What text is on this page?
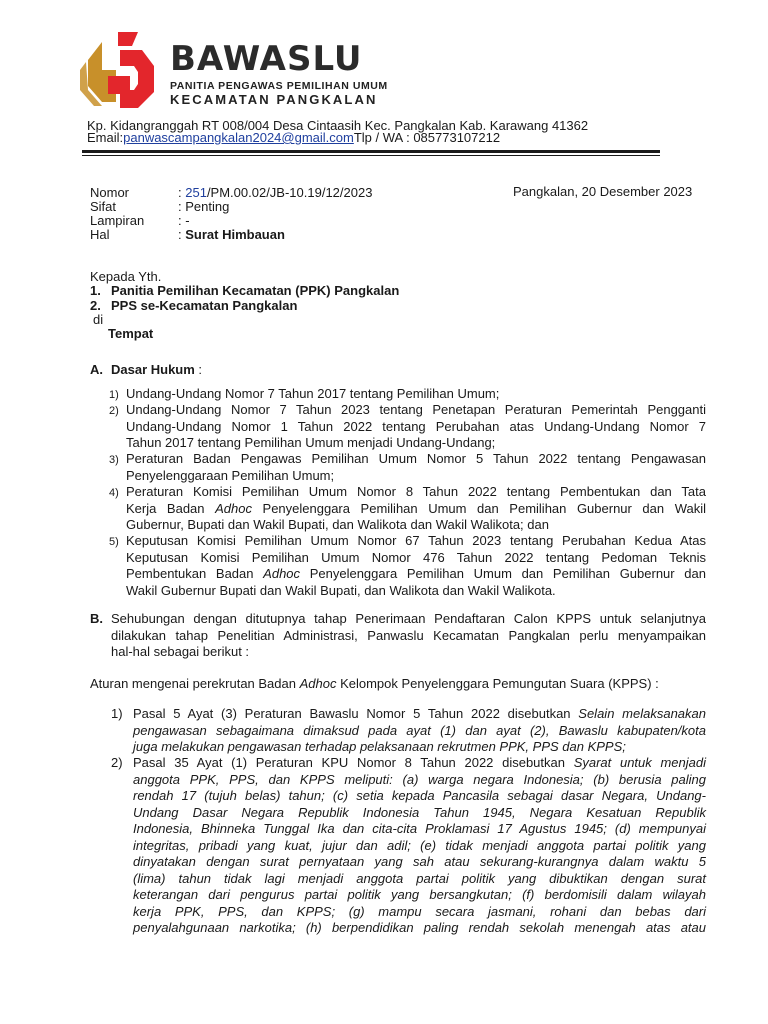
BAWASLU
PANITIA PENGAWAS PEMILIHAN UMUM
KECAMATAN PANGKALAN
Kp. Kidangranggah RT 008/004 Desa Cintaasih Kec. Pangkalan Kab. Karawang 41362
Email:panwascampangkalan2024@gmail.comTlp / WA : 085773107212
Nomor	: 251/PM.00.02/JB-10.19/12/2023	Pangkalan, 20 Desember 2023
Sifat	: Penting
Lampiran	: -
Hal	: Surat Himbauan
Kepada Yth.
1. Panitia Pemilihan Kecamatan (PPK) Pangkalan
2. PPS se-Kecamatan Pangkalan
di
Tempat
A. Dasar Hukum :
1) Undang-Undang Nomor 7 Tahun 2017 tentang Pemilihan Umum;
2) Undang-Undang Nomor 7 Tahun 2023 tentang Penetapan Peraturan Pemerintah Pengganti
Undang-Undang Nomor 1 Tahun 2022 tentang Perubahan atas Undang-Undang Nomor 7
Tahun 2017 tentang Pemilihan Umum menjadi Undang-Undang;
3) Peraturan Badan Pengawas Pemilihan Umum Nomor 5 Tahun 2022 tentang Pengawasan
Penyelenggaraan Pemilihan Umum;
4) Peraturan Komisi Pemilihan Umum Nomor 8 Tahun 2022 tentang Pembentukan dan Tata
Kerja Badan Adhoc Penyelenggara Pemilihan Umum dan Pemilihan Gubernur dan Wakil
Gubernur, Bupati dan Wakil Bupati, dan Walikota dan Wakil Walikota; dan
5) Keputusan Komisi Pemilihan Umum Nomor 67 Tahun 2023 tentang Perubahan Kedua Atas
Keputusan Komisi Pemilihan Umum Nomor 476 Tahun 2022 tentang Pedoman Teknis
Pembentukan Badan Adhoc Penyelenggara Pemilihan Umum dan Pemilihan Gubernur dan
Wakil Gubernur Bupati dan Wakil Bupati, dan Walikota dan Wakil Walikota.
B. Sehubungan dengan ditutupnya tahap Penerimaan Pendaftaran Calon KPPS untuk selanjutnya
dilakukan tahap Penelitian Administrasi, Panwaslu Kecamatan Pangkalan perlu menyampaikan
hal-hal sebagai berikut :
Aturan mengenai perekrutan Badan Adhoc Kelompok Penyelenggara Pemungutan Suara (KPPS) :
1) Pasal 5 Ayat (3) Peraturan Bawaslu Nomor 5 Tahun 2022 disebutkan Selain melaksanakan
pengawasan sebagaimana dimaksud pada ayat (1) dan ayat (2), Bawaslu kabupaten/kota
juga melakukan pengawasan terhadap pelaksanaan rekrutmen PPK, PPS dan KPPS;
2) Pasal 35 Ayat (1) Peraturan KPU Nomor 8 Tahun 2022 disebutkan Syarat untuk menjadi
anggota PPK, PPS, dan KPPS meliputi: (a) warga negara Indonesia; (b) berusia paling
rendah 17 (tujuh belas) tahun; (c) setia kepada Pancasila sebagai dasar Negara, Undang-
Undang Dasar Negara Republik Indonesia Tahun 1945, Negara Kesatuan Republik
Indonesia, Bhinneka Tunggal Ika dan cita-cita Proklamasi 17 Agustus 1945; (d) mempunyai
integritas, pribadi yang kuat, jujur dan adil; (e) tidak menjadi anggota partai politik yang
dinyatakan dengan surat pernyataan yang sah atau sekurang-kurangnya dalam waktu 5
(lima) tahun tidak lagi menjadi anggota partai politik yang dibuktikan dengan surat
keterangan dari pengurus partai politik yang bersangkutan; (f) berdomisili dalam wilayah
kerja PPK, PPS, dan KPPS; (g) mampu secara jasmani, rohani dan bebas dari
penyalahgunaan narkotika; (h) berpendidikan paling rendah sekolah menengah atas atau
